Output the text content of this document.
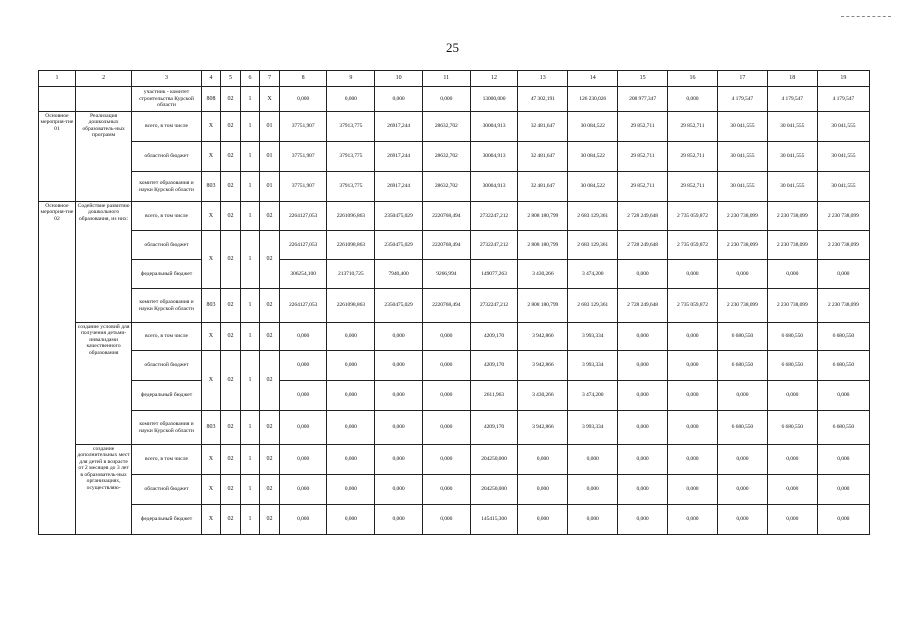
25
1	2	3	4	5	6	7	8	9	10	11	12	13	14	15	16	17	18	19
		участник - комитет строительства Курской области	808	02	1	Х	0,000	0,000	0,000	0,000	13000,000	47 302,191	126 230,026	208 977,347	0,000	4 179,547	4 179,547	4 179,547
Основное мероприя-тие 01	Реализация дошкольных образователь-ных программ	всего, в том числе	Х	02	1	01	37751,907	37913,775	26917,244	28632,702	30004,913	32 481,647	30 084,522	29 852,711	29 852,711	30 041,555	30 041,555	30 041,555
		областной бюджет	Х	02	1	01	37751,907	37913,775	26917,244	28632,702	30004,913	32 481,647	30 084,522	29 852,711	29 852,711	30 041,555	30 041,555	30 041,555
		комитет образования и науки Курской области	803	02	1	01	37751,907	37913,775	26917,244	28632,702	30004,913	32 481,647	30 084,522	29 852,711	29 852,711	30 041,555	30 041,555	30 041,555
Основное мероприя-тие 02	Содействие развитию дошкольного образования, из них:	всего, в том числе	Х	02	1	02	2264127,053	2261096,863	2350475,029	2220768,494	2732247,212	2 808 180,799	2 683 129,361	2 728 249,648	2 735 059,872	2 230 738,099	2 230 738,099	2 230 738,099
		областной бюджет	Х	02	1	02	2264127,053	2261098,863	2350475,029	2220768,494	2732247,212	2 808 180,799	2 683 129,361	2 728 249,648	2 735 059,872	2 230 738,099	2 230 738,099	2 230 738,099
		федеральный бюджет					306254,100	213710,725	7940,400	9266,994	149077,263	3 430,266	3 474,200	0,000	0,000	0,000	0,000	0,000
		комитет образования и науки Курской области	803	02	1	02	2264127,053	2261098,863	2350475,029	2220768,494	2732247,212	2 808 180,799	2 683 129,361	2 728 249,648	2 735 059,872	2 230 738,099	2 230 738,099	2 230 738,099
	создание условий для получения детьми-инвалидами качественного образования	всего, в том числе	Х	02	1	02	0,000	0,000	0,000	0,000	4209,170	3 942,866	3 993,334	0,000	0,000	6 680,550	6 680,550	6 680,550
		областной бюджет	Х	02	1	02	0,000	0,000	0,000	0,000	4209,170	3 942,866	3 993,334	0,000	0,000	6 680,550	6 680,550	6 680,550
		федеральный бюджет					0,000	0,000	0,000	0,000	2611,963	3 430,266	3 474,200	0,000	0,000	0,000	0,000	0,000
		комитет образования и науки Курской области	803	02	1	02	0,000	0,000	0,000	0,000	4209,170	3 942,866	3 993,334	0,000	0,000	6 680,550	6 680,550	6 680,550
	создание дополнительных мест для детей в возрасте от 2 месяцев до 3 лет в образователь-ных организациях, осуществляю-	всего, в том числе	Х	02	1	02	0,000	0,000	0,000	0,000	204250,000	0,000	0,000	0,000	0,000	0,000	0,000	0,000
		областной бюджет	Х	02	1	02	0,000	0,000	0,000	0,000	204250,000	0,000	0,000	0,000	0,000	0,000	0,000	0,000
		федеральный бюджет	Х	02	1	02	0,000	0,000	0,000	0,000	145415,300	0,000	0,000	0,000	0,000	0,000	0,000	0,000
